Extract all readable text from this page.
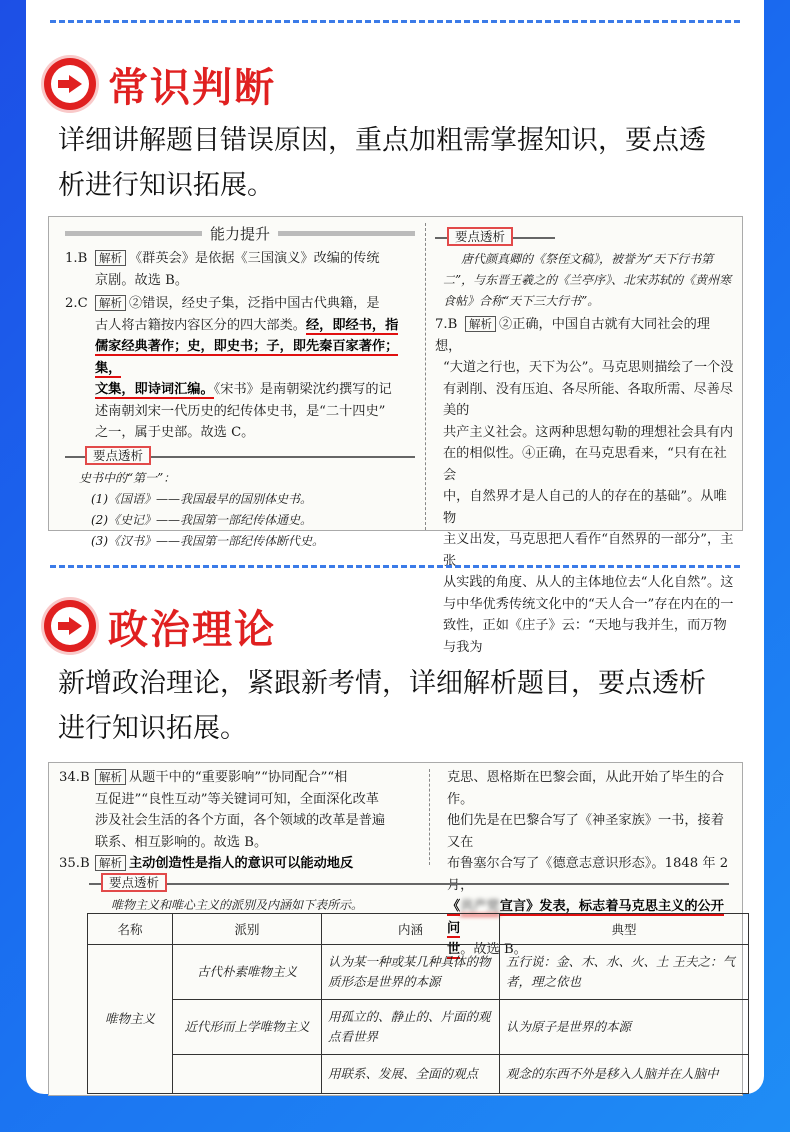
常识判断
详细讲解题目错误原因，重点加粗需掌握知识，要点透
析进行知识拓展。
能力提升

1.B 解析 《群英会》是依据《三国演义》改编的传统

京剧。故选 B。

2.C 解析 ②错误，经史子集，泛指中国古代典籍，是

古人将古籍按内容区分的四大部类。经，即经书，指

儒家经典著作；史，即史书；子，即先秦百家著作；集，

文集，即诗词汇编。《宋书》是南朝梁沈约撰写的记

述南朝刘宋一代历史的纪传体史书，是“二十四史”

之一，属于史部。故选 C。

要点透析
史书中的“第一”：
(1)《国语》——我国最早的国别体史书。
(2)《史记》——我国第一部纪传体通史。
(3)《汉书》——我国第一部纪传体断代史。
要点透析
唐代颜真卿的《祭侄文稿》，被誉为“天下行书第
二”，与东晋王羲之的《兰亭序》、北宋苏轼的《黄州寒
食帖》合称“天下三大行书”。

7.B 解析 ②正确，中国自古就有大同社会的理想，

“大道之行也，天下为公”。马克思则描绘了一个没

有剥削、没有压迫、各尽所能、各取所需、尽善尽美的

共产主义社会。这两种思想勾勒的理想社会具有内

在的相似性。④正确，在马克思看来，“只有在社会

中，自然界才是人自己的人的存在的基础”。从唯物

主义出发，马克思把人看作“自然界的一部分”，主张

从实践的角度、从人的主体地位去“人化自然”。这

与中华优秀传统文化中的“天人合一”存在内在的一

致性，正如《庄子》云：“天地与我并生，而万物与我为

政治理论
新增政治理论，紧跟新考情，详细解析题目，要点透析
进行知识拓展。

34.B 解析 从题干中的“重要影响”“协同配合”“相

互促进”“良性互动”等关键词可知，全面深化改革

涉及社会生活的各个方面，各个领域的改革是普遍

联系、相互影响的。故选 B。

35.B 解析 主动创造性是指人的意识可以能动地反

克思、恩格斯在巴黎会面，从此开始了毕生的合作。

他们先是在巴黎合写了《神圣家族》一书，接着又在

布鲁塞尔合写了《德意志意识形态》。1848 年 2 月，

《共产党宣言》发表，标志着马克思主义的公开问

世。故选 B。

要点透析
唯物主义和唯心主义的派别及内涵如下表所示。
名称	派别	内涵	典型
唯物主义	古代朴素唯物主义	认为某一种或某几种具体的物质形态是世界的本源	五行说：金、木、水、火、土 王夫之：气者，理之依也
	近代形而上学唯物主义	用孤立的、静止的、片面的观点看世界	认为原子是世界的本源
		用联系、发展、全面的观点	观念的东西不外是移入人脑并在人脑中
